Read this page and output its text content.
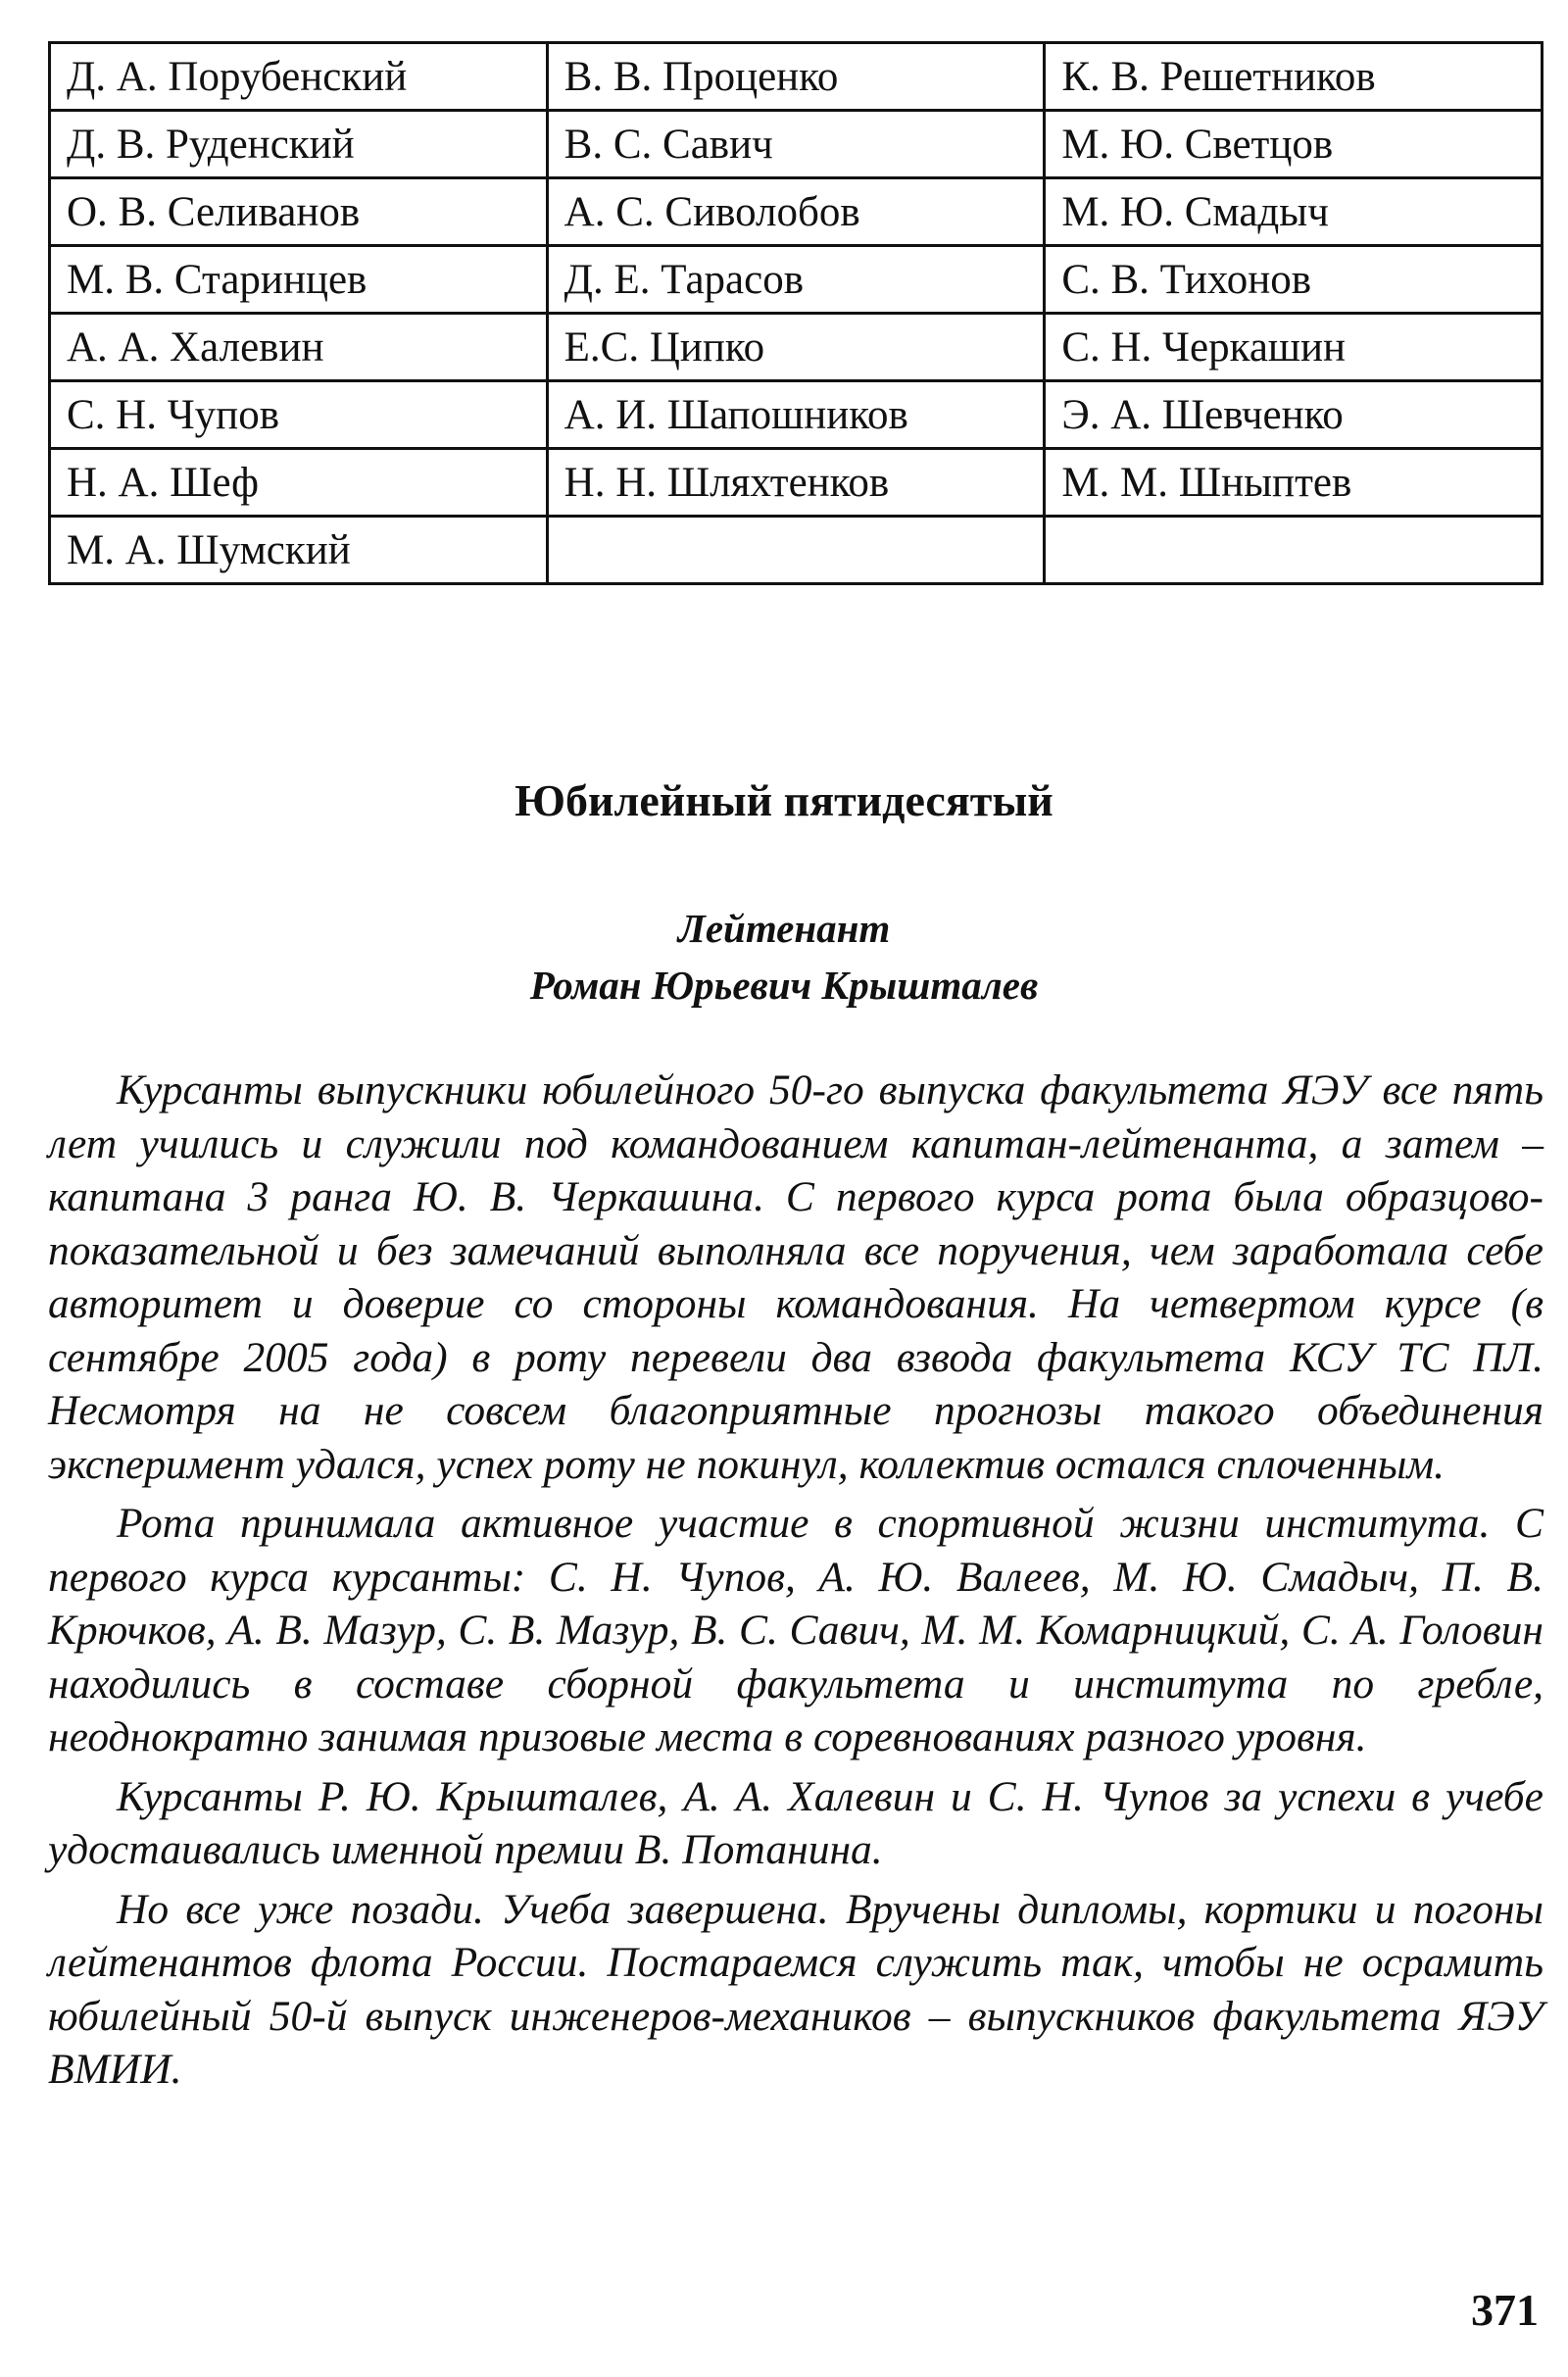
Д. А. Порубенский	В. В. Проценко	К. В. Решетников
Д. В. Руденский	В. С. Савич	М. Ю. Светцов
О. В. Селиванов	А. С. Сиволобов	М. Ю. Смадыч
М. В. Старинцев	Д. Е. Тарасов	С. В. Тихонов
А. А. Халевин	Е.С. Ципко	С. Н. Черкашин
С. Н. Чупов	А. И. Шапошников	Э. А. Шевченко
Н. А. Шеф	Н. Н. Шляхтенков	М. М. Шныптев
М. А. Шумский		
Юбилейный пятидесятый
Лейтенант
Роман Юрьевич Крышталев

Курсанты выпускники юбилейного 50-го выпуска факультета ЯЭУ все пять лет учились и служили под командованием капитан-лейтенанта, а затем – капитана 3 ранга Ю. В. Черкашина. С первого курса рота была образцово-показательной и без замечаний выполняла все поручения, чем заработала себе авторитет и доверие со стороны командования. На четвертом курсе (в сентябре 2005 года) в роту перевели два взвода факультета КСУ ТС ПЛ. Несмотря на не совсем благоприятные прогнозы такого объединения эксперимент удался, успех роту не покинул, коллектив остался сплоченным.

Рота принимала активное участие в спортивной жизни института. С первого курса курсанты: С. Н. Чупов, А. Ю. Валеев, М. Ю. Смадыч, П. В. Крючков, А. В. Мазур, С. В. Мазур, В. С. Савич, М. М. Комарницкий, С. А. Головин находились в составе сборной факультета и института по гребле, неоднократно занимая призовые места в соревнованиях разного уровня.

Курсанты Р. Ю. Крышталев, А. А. Халевин и С. Н. Чупов за успехи в учебе удостаивались именной премии В. Потанина.

Но все уже позади. Учеба завершена. Вручены дипломы, кортики и погоны лейтенантов флота России. Постараемся служить так, чтобы не осрамить юбилейный 50-й выпуск инженеров-механиков – выпускников факультета ЯЭУ ВМИИ.

371
